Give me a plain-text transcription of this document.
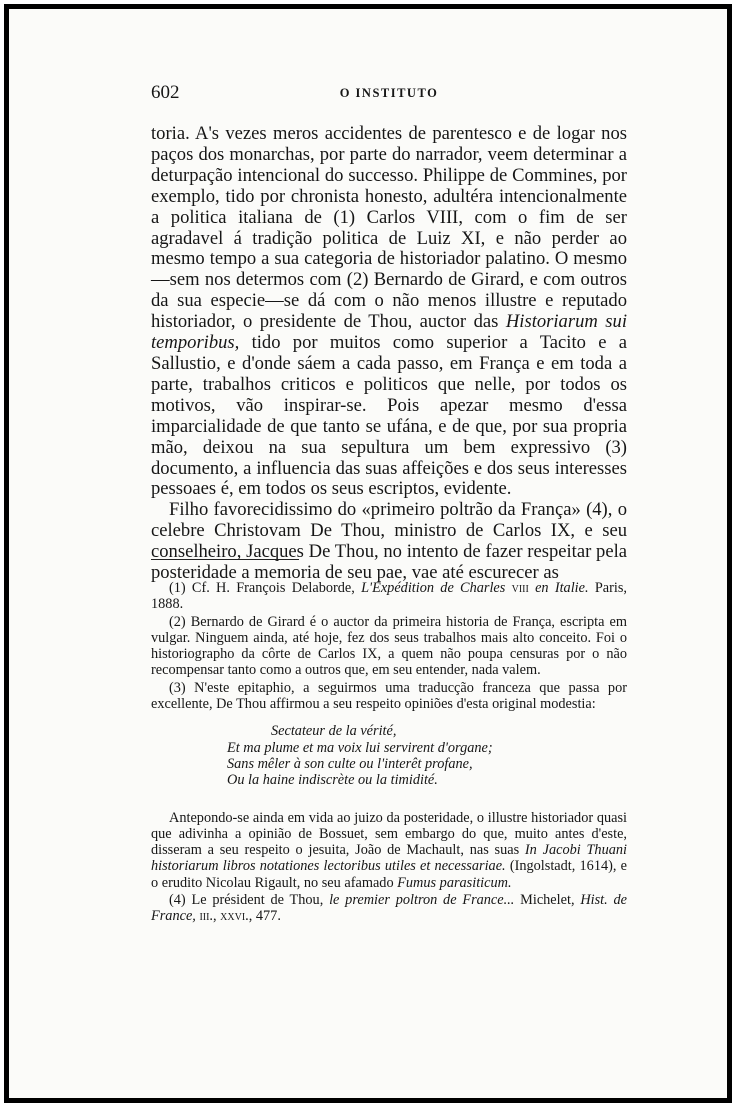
602	O INSTITUTO

toria. A's vezes meros accidentes de parentesco e de logar nos paços dos monarchas, por parte do narrador, veem determinar a deturpação intencional do successo. Philippe de Commines, por exemplo, tido por chronista honesto, adultéra intencionalmente a politica italiana de (1) Carlos VIII, com o fim de ser agradavel á tradição politica de Luiz XI, e não perder ao mesmo tempo a sua categoria de historiador palatino. O mesmo—sem nos determos com (2) Bernardo de Girard, e com outros da sua especie—se dá com o não menos illustre e reputado historiador, o presidente de Thou, auctor das Historiarum sui temporibus, tido por muitos como superior a Tacito e a Sallustio, e d'onde sáem a cada passo, em França e em toda a parte, trabalhos criticos e politicos que nelle, por todos os motivos, vão inspirar-se. Pois apezar mesmo d'essa imparcialidade de que tanto se ufána, e de que, por sua propria mão, deixou na sua sepultura um bem expressivo (3) documento, a influencia das suas affeições e dos seus interesses pessoaes é, em todos os seus escriptos, evidente.

Filho favorecidissimo do «primeiro poltrão da França» (4), o celebre Christovam De Thou, ministro de Carlos IX, e seu conselheiro, Jacques De Thou, no intento de fazer respeitar pela posteridade a memoria de seu pae, vae até escurecer as

(1) Cf. H. François Delaborde, L'Expédition de Charles viii en Italie. Paris, 1888.

(2) Bernardo de Girard é o auctor da primeira historia de França, escripta em vulgar. Ninguem ainda, até hoje, fez dos seus trabalhos mais alto conceito. Foi o historiographo da côrte de Carlos IX, a quem não poupa censuras por o não recompensar tanto como a outros que, em seu entender, nada valem.

(3) N'este epitaphio, a seguirmos uma traducção franceza que passa por excellente, De Thou affirmou a seu respeito opiniões d'esta original modestia:

Sectateur de la vérité,
Et ma plume et ma voix lui servirent d'organe;
Sans mêler à son culte ou l'interêt profane,
Ou la haine indiscrète ou la timidité.

Antepondo-se ainda em vida ao juizo da posteridade, o illustre historiador quasi que adivinha a opinião de Bossuet, sem embargo do que, muito antes d'este, disseram a seu respeito o jesuita, João de Machault, nas suas In Jacobi Thuani historiarum libros notationes lectoribus utiles et necessariae. (Ingolstadt, 1614), e o erudito Nicolau Rigault, no seu afamado Fumus parasiticum.

(4) Le président de Thou, le premier poltron de France... Michelet, Hist. de France, iii., xxvi., 477.
